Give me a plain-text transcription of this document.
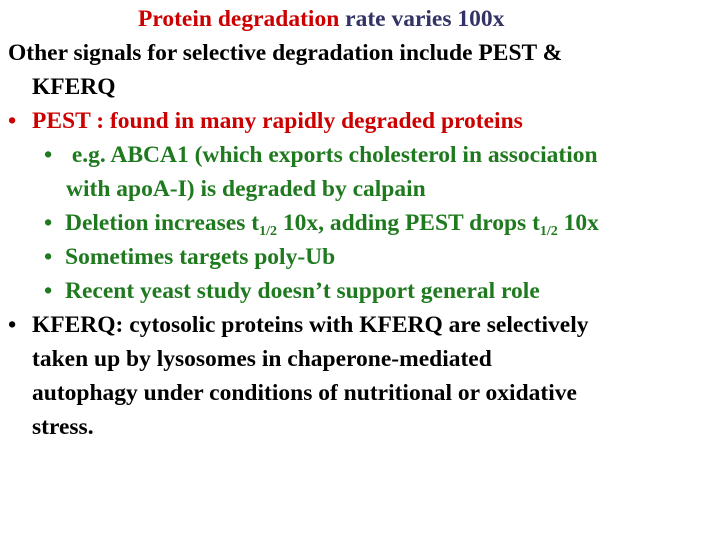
Protein degradation rate varies 100x
Other signals for selective degradation include PEST &
KFERQ
• PEST : found in many rapidly degraded proteins
• e.g. ABCA1 (which exports cholesterol in association
with apoA-I) is degraded by calpain
• Deletion increases $t_{1/2}$ 10x, adding PEST drops $t_{1/2}$ 10x
• Sometimes targets poly-Ub
• Recent yeast study doesn’t support general role
• KFERQ: cytosolic proteins with KFERQ are selectively
taken up by lysosomes in chaperone-mediated
autophagy under conditions of nutritional or oxidative
stress.
